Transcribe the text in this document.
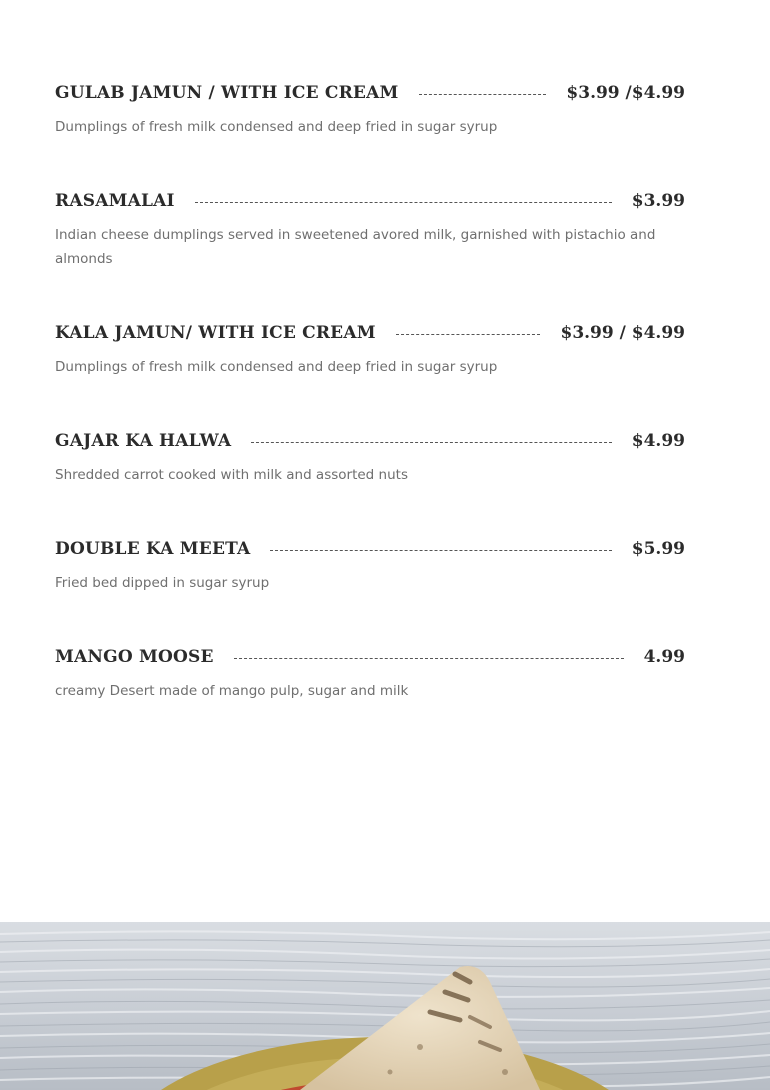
GULAB JAMUN / WITH ICE CREAM	$3.99 /$4.99
Dumplings of fresh milk condensed and deep fried in sugar syrup
RASAMALAI	$3.99
Indian cheese dumplings served in sweetened avored milk, garnished with pistachio and almonds
KALA JAMUN/ WITH ICE CREAM	$3.99 / $4.99
Dumplings of fresh milk condensed and deep fried in sugar syrup
GAJAR KA HALWA	$4.99
Shredded carrot cooked with milk and assorted nuts
DOUBLE KA MEETA	$5.99
Fried bed dipped in sugar syrup
MANGO MOOSE	4.99
creamy Desert made of mango pulp, sugar and milk
